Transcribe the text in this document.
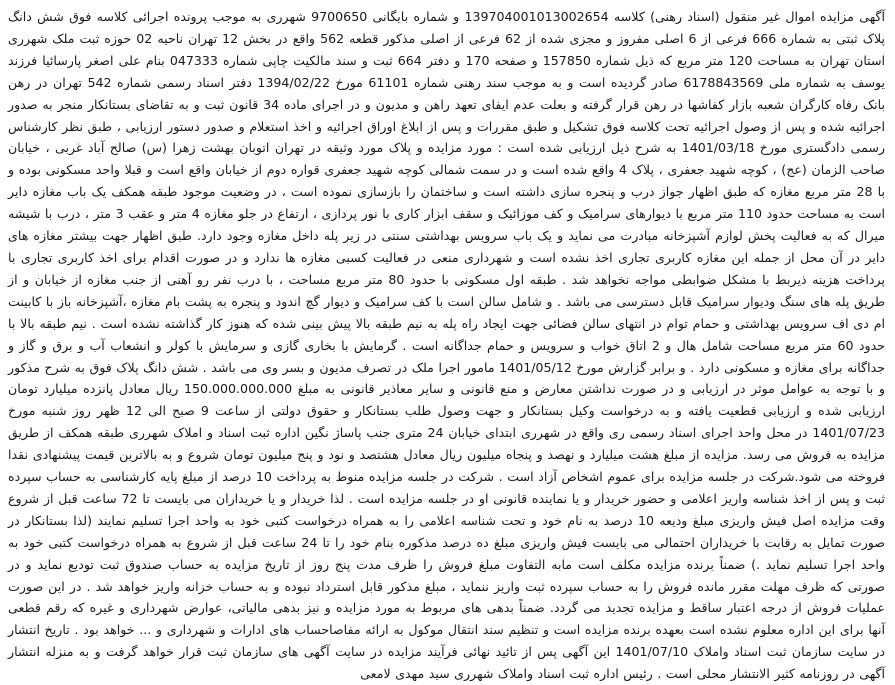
آگهی مزایده اموال غیر منقول (اسناد رهنی) کلاسه 139704001013002654 و شماره بایگانی 9700650 شهرری به موجب پرونده اجرائی کلاسه فوق شش دانگ پلاک ثبتی به شماره 666 فرعی از 6 اصلی مفروز و مجزی شده از 62 فرعی از اصلی مذکور قطعه 562 واقع در بخش 12 تهران ناحیه 02 حوزه ثبت ملک شهرری استان تهران به مساحت 120 متر مربع که ذیل شماره 157850 و صفحه 170 و دفتر 664 ثبت و سند مالکیت چاپی شماره 047333 بنام علی اصغر پارسائیا فرزند یوسف به شماره ملی 6178843569 صادر گردیده است و به موجب سند رهنی شماره 61101 مورخ 1394/02/22 دفتر اسناد رسمی شماره 542 تهران در رهن بانک رفاه کارگران شعبه بازار کفاشها در رهن قرار گرفته و بعلت عدم ایفای تعهد راهن و مدیون و در اجرای ماده 34 قانون ثبت و به تقاضای بستانکار منجر به صدور اجرائیه شده و پس از وصول اجرائیه تحت کلاسه فوق تشکیل و طبق مقررات و پس از ابلاغ اوراق اجرائیه و اخذ استعلام و صدور دستور ارزیابی ، طبق نظر کارشناس رسمی دادگستری مورخ 1401/03/18 به شرح ذیل ارزیابی شده است : مورد مزایده و پلاک مورد وثیقه در تهران اتوبان بهشت زهرا (س) صالح آباد غربی ، خیابان صاحب الزمان (عج) ، کوچه شهید جعفری ، پلاک 4 واقع شده است و در سمت شمالی کوچه شهید جعفری قواره دوم از خیابان واقع است و قبلا واحد مسکونی بوده و با 28 متر مربع مغازه که طبق اظهار جواز درب و پنجره سازی داشته است و ساختمان را بازسازی نموده است ، در وضعیت موجود طبقه همکف یک باب مغازه دایر است به مساحت حدود 110 متر مربع با دیوارهای سرامیک و کف موزائیک و سقف ابزار کاری با نور پردازی ، ارتفاع در جلو مغازه 4 متر و عقب 3 متر ، درب با شیشه میرال که به فعالیت پخش لوازم آشپزخانه مبادرت می نماید و یک باب سرویس بهداشتی سنتی در زیر پله داخل مغازه وجود دارد. طبق اظهار جهت بیشتر مغازه های دایر در آن محل از جمله این مغازه کاربری تجاری اخذ نشده است و شهرداری منعی در فعالیت کسبی مغازه ها ندارد و در صورت اقدام برای اخذ کاربری تجاری با پرداخت هزینه ذیربط با مشکل ضوابطی مواجه نخواهد شد . طبقه اول مسکونی با حدود 80 متر مربع مساحت ، با درب نفر رو آهنی از جنب مغازه از خیابان و از طریق پله های سنگ ودیوار سرامیک قابل دسترسی می باشد . و شامل سالن است با کف سرامیک و دیوار گچ اندود و پنجره به پشت بام مغازه ،آشپزخانه باز با کابینت ام دی اف سرویس بهداشتی و حمام توام در انتهای سالن فضائی جهت ایجاد راه پله به نیم طبقه بالا پیش بینی شده که هنوز کار گذاشته نشده است . نیم طبقه بالا با حدود 60 متر مربع مساحت شامل هال و 2 اتاق خواب و سرویس و حمام جداگانه است . گرمایش با بخاری گازی و سرمایش با کولر و انشعاب آب و برق و گاز و جداگانه برای مغازه و مسکونی دارد . و برابر گزارش مورخ 1401/05/12 مامور اجرا ملک در تصرف مدیون و بسر وی می باشد . شش دانگ پلاک فوق به شرح مذکور و با توجه به عوامل موثر در ارزیابی و در صورت نداشتن معارض و منع قانونی و سایر معاذیر قانونی به مبلغ 150.000.000.000 ریال معادل پانزده میلیارد تومان ارزیابی شده و ارزیابی قطعیت یافته و به درخواست وکیل بستانکار و جهت وصول طلب بستانکار و حقوق دولتی از ساعت 9 صبح الی 12 ظهر روز شنبه مورخ 1401/07/23 در محل واحد اجرای اسناد رسمی ری واقع در شهرری ابتدای خیابان 24 متری جنب پاساژ نگین اداره ثبت اسناد و املاک شهرری طبقه همکف از طریق مزایده به فروش می رسد. مزایده از مبلغ هشت میلیارد و نهصد و پنجاه میلیون ریال معادل هشتصد و نود و پنج میلیون تومان شروع و به بالاترین قیمت پیشنهادی نقدا فروخته می شود.شرکت در جلسه مزایده برای عموم اشخاص آزاد است . شرکت در جلسه مزایده منوط به پرداخت 10 درصد از مبلغ پایه کارشناسی به حساب سپرده ثبت و پس از اخذ شناسه واریز اعلامی و حضور خریدار و یا نماینده قانونی او در جلسه مزایده است . لذا خریدار و یا خریداران می بایست تا 72 ساعت قبل از شروع وقت مزایده اصل فیش واریزی مبلغ ودیعه 10 درصد به نام خود و تحت شناسه اعلامی را به همراه درخواست کتبی خود به واحد اجرا تسلیم نمایند (لذا بستانکار در صورت تمایل به رقابت با خریداران احتمالی می بایست فیش واریزی مبلغ ده درصد مذکوره بنام خود را تا 24 ساعت قبل از شروع به همراه درخواست کتبی خود به واحد اجرا تسلیم نماید .) ضمناً برنده مزایده مکلف است مابه التفاوت مبلغ فروش را ظرف مدت پنج روز از تاریخ مزایده به حساب صندوق ثبت تودیع نماید و در صورتی که ظرف مهلت مقرر مانده فروش را به حساب سپرده ثبت واریز ننماید ، مبلغ مذکور قابل استرداد نبوده و به حساب خزانه واریز خواهد شد . در این صورت عملیات فروش از درجه اعتبار ساقط و مزایده تجدید می گردد. ضمناً بدهی های مربوط به مورد مزایده و نیز بدهی مالیاتی، عوارض شهرداری و غیره که رقم قطعی آنها برای این اداره معلوم نشده است بعهده برنده مزایده است و تنظیم سند انتقال موکول به ارائه مفاصاحساب های ادارات و شهرداری و ... خواهد بود . تاریخ انتشار در سایت سازمان ثبت اسناد واملاک 1401/07/10 این آگهی پس از تائید نهائی فرآیند مزایده در سایت آگهی های سازمان ثبت قرار خواهد گرفت و به منزله انتشار آگهی در روزنامه کثیر الانتشار محلی است . رئیس اداره ثبت اسناد واملاک شهرری سید مهدی لامعی
